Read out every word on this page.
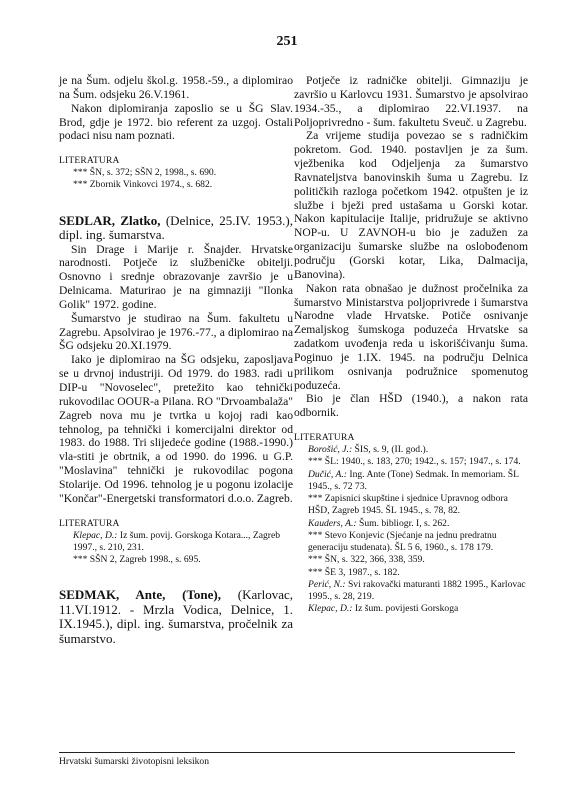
251

je na Šum. odjelu škol.g. 1958.-59., a diplomirao na Šum. odsjeku 26.V.1961.

Nakon diplomiranja zaposlio se u ŠG Slav. Brod, gdje je 1972. bio referent za uzgoj. Ostali podaci nisu nam poznati.

LITERATURA

*** ŠN, s. 372; SŠN 2, 1998., s. 690.

*** Zbornik Vinkovci 1974., s. 682.

SEDLAR, Zlatko, (Delnice, 25.IV. 1953.), dipl. ing. šumarstva.

Sin Drage i Marije r. Šnajder. Hrvatske narodnosti. Potječe iz službeničke obitelji. Osnovno i srednje obrazovanje završio je u Delnicama. Maturirao je na gimnaziji "Ilonka Golik" 1972. godine.

Šumarstvo je studirao na Šum. fakultetu u Zagrebu. Apsolvirao je 1976.-77., a diplomirao na ŠG odsjeku 20.XI.1979.

Iako je diplomirao na ŠG odsjeku, zaposljava se u drvnoj industriji. Od 1979. do 1983. radi u DIP-u "Novoselec", pretežito kao tehnički rukovodilac OOUR-a Pilana. RO "Drvoambalaža" Zagreb nova mu je tvrtka u kojoj radi kao tehnolog, pa tehnički i komercijalni direktor od 1983. do 1988. Tri slijedeće godine (1988.-1990.) vla-stiti je obrtnik, a od 1990. do 1996. u G.P. "Moslavina" tehnički je rukovodilac pogona Stolarije. Od 1996. tehnolog je u pogonu izolacije "Končar"-Energetski transformatori d.o.o. Zagreb.

LITERATURA

Klepac, D.: Iz šum. povij. Gorskoga Kotara..., Zagreb 1997., s. 210, 231.

*** SŠN 2, Zagreb 1998., s. 695.

SEDMAK, Ante, (Tone), (Karlovac, 11.VI.1912. - Mrzla Vodica, Delnice, 1. IX.1945.), dipl. ing. šumarstva, pročelnik za šumarstvo.

Potječe iz radničke obitelji. Gimnaziju je završio u Karlovcu 1931. Šumarstvo je apsolvirao 1934.-35., a diplomirao 22.VI.1937. na Poljoprivredno - šum. fakultetu Sveuč. u Zagrebu.

Za vrijeme studija povezao se s radničkim pokretom. God. 1940. postavljen je za šum. vježbenika kod Odjeljenja za šumarstvo Ravnateljstva banovinskih šuma u Zagrebu. Iz političkih razloga početkom 1942. otpušten je iz službe i bježi pred ustašama u Gorski kotar. Nakon kapitulacije Italije, pridružuje se aktivno NOP-u. U ZAVNOH-u bio je zadužen za organizaciju šumarske službe na oslobođenom području (Gorski kotar, Lika, Dalmacija, Banovina).

Nakon rata obnašao je dužnost pročelnika za šumarstvo Ministarstva poljoprivrede i šumarstva Narodne vlade Hrvatske. Potiče osnivanje Zemaljskog šumskoga poduzeća Hrvatske sa zadatkom uvođenja reda u iskorišćivanju šuma. Poginuo je 1.IX. 1945. na području Delnica prilikom osnivanja podružnice spomenutog poduzeća.

Bio je član HŠD (1940.), a nakon rata odbornik.

LITERATURA

Borošić, J.: ŠIS, s. 9, (II. god.).

*** ŠL: 1940., s. 183, 270; 1942., s. 157; 1947., s. 174.

Dučić, A.: Ing. Ante (Tone) Sedmak. In memoriam. ŠL 1945., s. 72 73.

*** Zapisnici skupštine i sjednice Upravnog odbora HŠD, Zagreb 1945. ŠL 1945., s. 78, 82.

Kauders, A.: Šum. bibliogr. I, s. 262.

*** Stevo Konjevic (Sjećanje na jednu predratnu generaciju studenata). ŠL 5 6, 1960., s. 178 179.

*** ŠN, s. 322, 366, 338, 359.

*** ŠE 3, 1987., s. 182.

Perić, N.: Svi rakovački maturanti 1882 1995., Karlovac 1995., s. 28, 219.

Klepac, D.: Iz šum. povijesti Gorskoga

Hrvatski šumarski životopisni leksikon
